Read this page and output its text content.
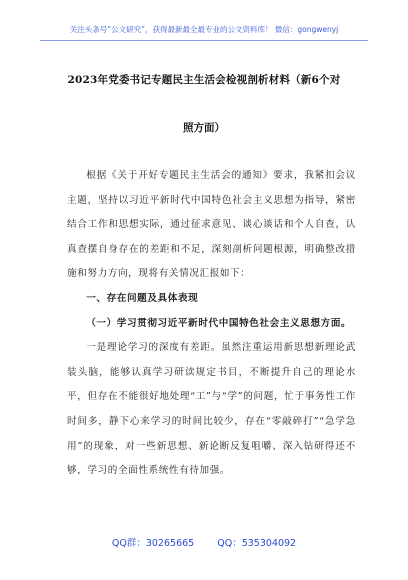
关注头条号“公文研究”，获得最新最全最专业的公文资料库！ 微信：gongwenyj
2023年党委书记专题民主生活会检视剖析材料（新6个对
照方面）

根据《关于开好专题民主生活会的通知》要求，我紧扣会议主题，坚持以习近平新时代中国特色社会主义思想为指导，紧密结合工作和思想实际，通过征求意见、谈心谈话和个人自查，认真查摆自身存在的差距和不足，深刻剖析问题根源，明确整改措施和努力方向，现将有关情况汇报如下：

一、存在问题及具体表现

（一）学习贯彻习近平新时代中国特色社会主义思想方面。

一是理论学习的深度有差距。虽然注重运用新思想新理论武装头脑，能够认真学习研读规定书目，不断提升自己的理论水平，但存在不能很好地处理“工”与“学”的问题，忙于事务性工作时间多，静下心来学习的时间比较少，存在“零敲碎打”“急学急用”的现象，对一些新思想、新论断反复咀嚼、深入钻研得还不够，学习的全面性系统性有待加强。

QQ群：30265665 QQ：535304092
